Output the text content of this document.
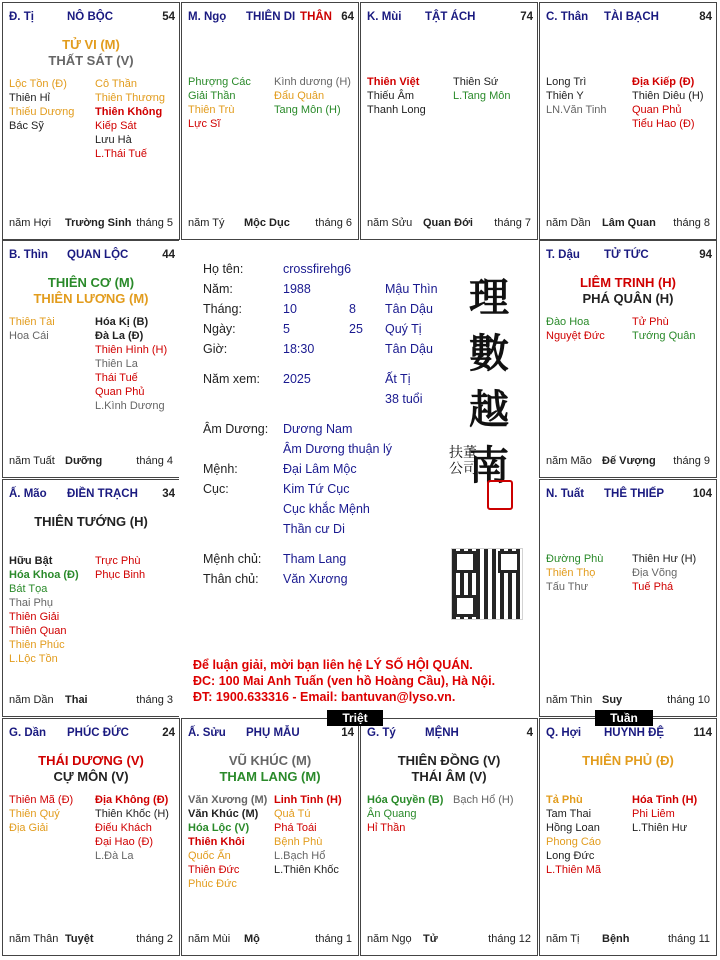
Đ. Tị	NÔ BỘC	54
TỬ VI (M)
THẤT SÁT (V)
Lộc Tồn (Đ)
Thiên Hỉ
Thiếu Dương
Bác Sỹ
Cô Thần
Thiên Thương
Thiên Không
Kiếp Sát
Lưu Hà
L.Thái Tuế
năm Hợi Trường Sinh tháng 5
M. Ngọ THIÊN DI THÂN 64
Phượng Các
Giải Thần
Thiên Trù
Lực Sĩ
Kình dương (H)
Đẩu Quân
Tang Môn (H)
năm Tý Mộc Dục tháng 6
K. Mùi TẬT ÁCH	74
Thiên Việt
Thiếu Âm
Thanh Long
Thiên Sứ
L.Tang Môn
năm Sửu Quan Đới tháng 7
C. Thân TÀI BẠCH	84
Long Trì
Thiên Y
LN.Văn Tinh
Địa Kiếp (Đ)
Thiên Diêu (H)
Quan Phủ
Tiểu Hao (Đ)
năm Dần Lâm Quan tháng 8
B. Thìn QUAN LỘC	44
THIÊN CƠ (M)
THIÊN LƯƠNG (M)
Thiên Tài
Hoa Cái
Hóa Kị (B)
Đà La (Đ)
Thiên Hình (H)
Thiên La
Thái Tuế
Quan Phủ
L.Kình Dương
năm Tuất Dưỡng	tháng 4
T. Dậu TỬ TỨC	94
LIÊM TRINH (H)
PHÁ QUÂN (H)
Đào Hoa
Nguyệt Đức
Tử Phù
Tướng Quân
năm Mão Đế Vượng tháng 9
Ấ. Mão ĐIỀN TRẠCH 34
THIÊN TƯỚNG (H)
Hữu Bật
Hóa Khoa (Đ)
Bát Tọa
Thai Phụ
Thiên Giải
Thiên Quan
Thiên Phúc
L.Lộc Tồn
Trực Phù
Phục Binh
năm Dần Thai	tháng 3
N. Tuất THÊ THIẾP	104
Đường Phù
Thiên Thọ
Tấu Thư
Thiên Hư (H)
Địa Võng
Tuế Phá
năm Thìn Suy	tháng 10
G. Dần PHÚC ĐỨC	24
THÁI DƯƠNG (V)
CỰ MÔN (V)
Thiên Mã (Đ)
Thiên Quý
Địa Giải
Địa Không (Đ)
Thiên Khốc (H)
Điếu Khách
Đại Hao (Đ)
L.Đà La
năm Thân Tuyệt	tháng 2
Ấ. Sửu PHỤ MẪU	14
VŨ KHÚC (M)
THAM LANG (M)
Văn Xương (M)
Văn Khúc (M)
Hóa Lộc (V)
Thiên Khôi
Quốc Ấn
Thiên Đức
Phúc Đức
Linh Tinh (H)
Quả Tú
Phá Toái
Bệnh Phù
L.Bạch Hổ
L.Thiên Khốc
năm Mùi Mộ	tháng 1
G. Tý	MỆNH	4
THIÊN ĐỒNG (V)
THÁI ÂM (V)
Hóa Quyền (B)
Ân Quang
Hỉ Thần
Bạch Hổ (H)
năm Ngọ Tử	tháng 12
Q. Hợi HUYNH ĐỆ	114
THIÊN PHỦ (Đ)
Tả Phù
Tam Thai
Hồng Loan
Phong Cáo
Long Đức
L.Thiên Mã
Hóa Tinh (H)
Phi Liêm
L.Thiên Hư
năm Tị Bệnh	tháng 11
Họ tên:	crossfirehg6
Năm:	1988	Mậu Thìn
Tháng:	10	8 Tân Dậu
Ngày:	5	25 Quý Tị
Giờ:	18:30	Tân Dậu
Năm xem: 2025	Ất Tị
38 tuổi
Âm Dương: Dương Nam
Âm Dương thuận lý
Mệnh:	Đại Lâm Mộc
Cục:	Kim Tứ Cục
Cục khắc Mệnh
Thần cư Di
Mệnh chủ: Tham Lang
Thân chủ: Văn Xương
理數越南
扶董公司
Để luận giải, mời bạn liên hệ LÝ SỐ HỘI QUÁN.
ĐC: 100 Mai Anh Tuấn (ven hồ Hoàng Cầu), Hà Nội.
ĐT: 1900.633316 - Email: bantuvan@lyso.vn.
Triệt	Tuần
